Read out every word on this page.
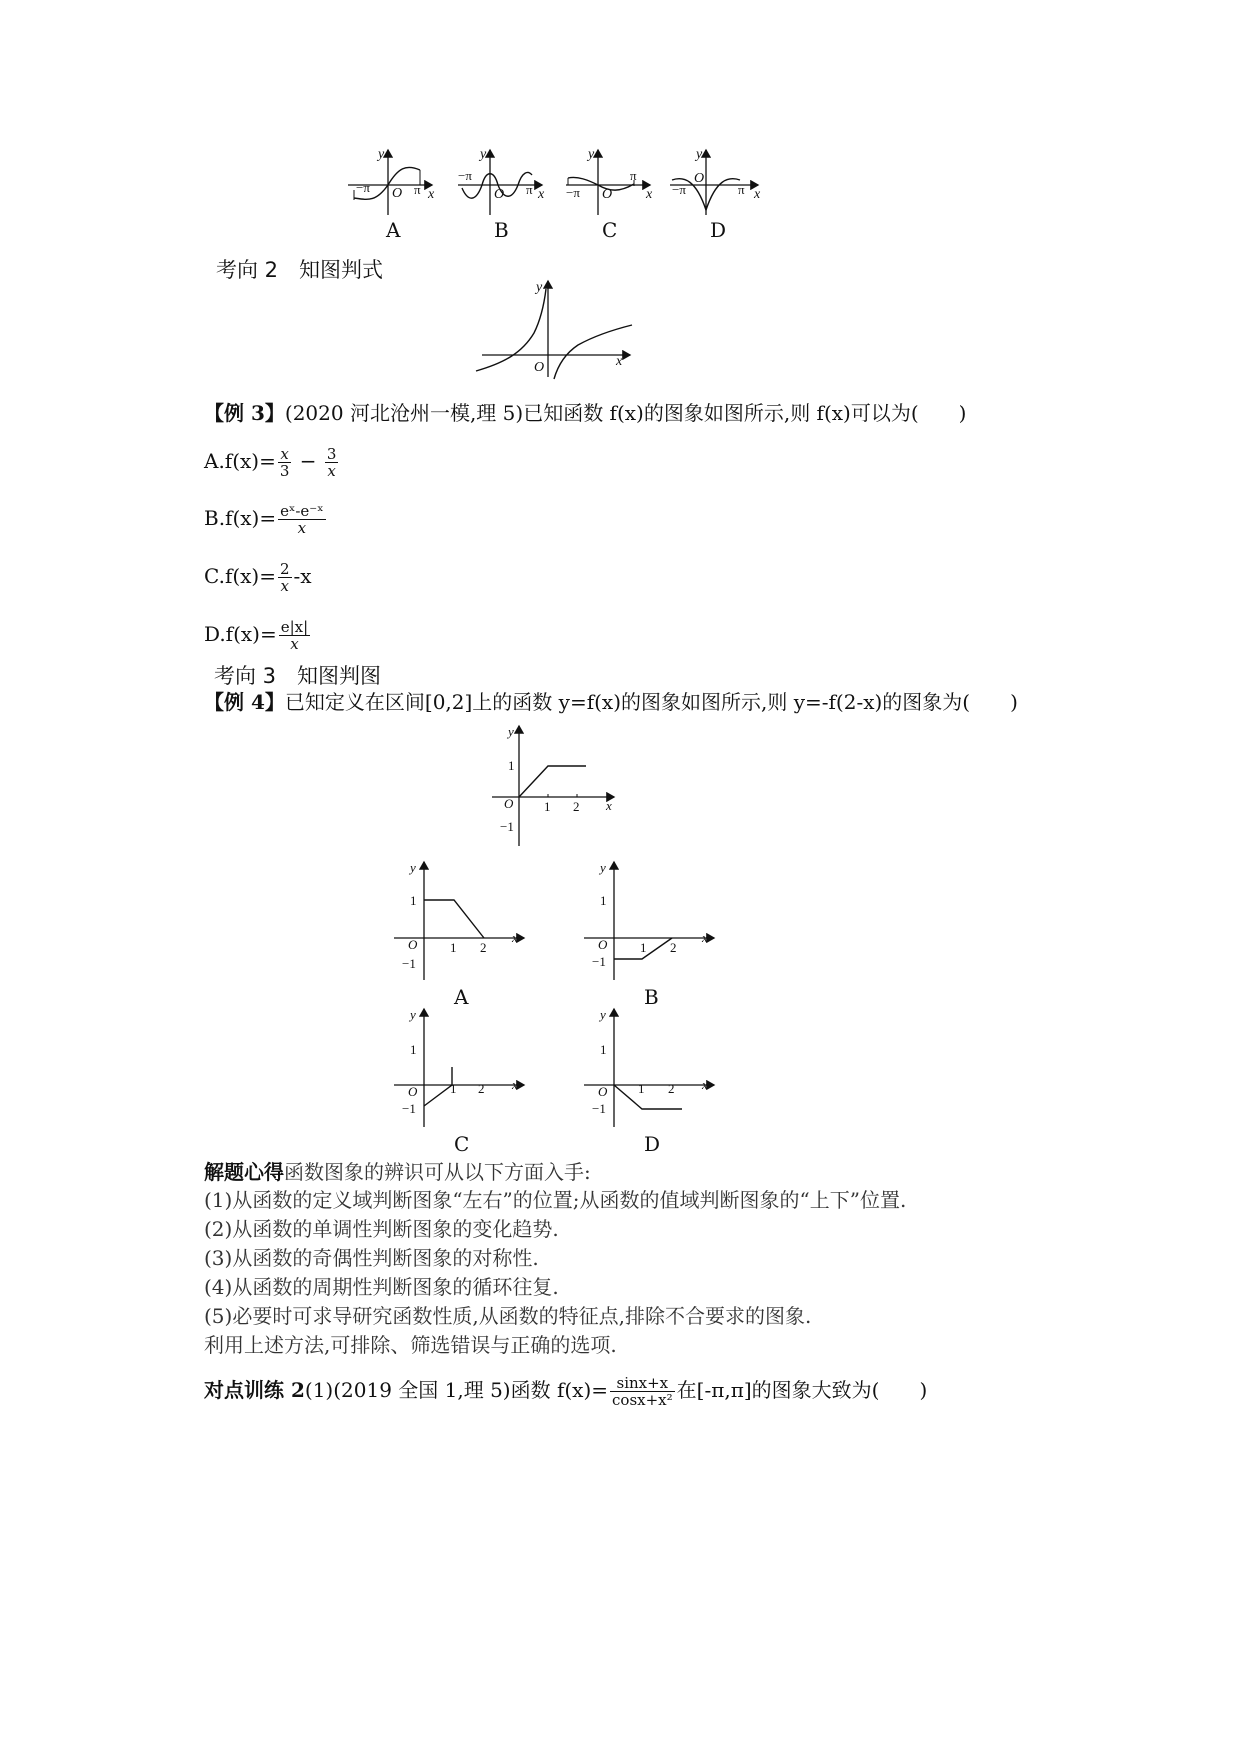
y
−π O π x
y
−π
O π x
y
−π O
π
x
y
−π
O
π x
A	B	C	D
考向 2　知图判式
y
O	x
【例 3】(2020 河北沧州一模,理 5)已知函数 f(x)的图象如图所示,则 f(x)可以为(　　)
$A.f(x)= \frac{x}{3} - \frac{3}{x}$
$B.f(x)= \frac{\text{eˣ-e⁻ˣ}}{x}$
$C.f(x)= \frac{2}{x} -x$
$D.f(x)= \frac{e|x|}{x}$
考向 3　知图判图
【例 4】已知定义在区间[0,2]上的函数 y=f(x)的图象如图所示,则 y=-f(2-x)的图象为(　　)
y
1
O 1 2 x
−1
y
1
O	1 2
x
−1
A
y
1
O	1 2
x
−1
B
y
1
O	1 2 x
−1
C
y
1
O 1 2 x
−1
D
解题心得函数图象的辨识可从以下方面入手:
(1)从函数的定义域判断图象“左右”的位置;从函数的值域判断图象的“上下”位置.
(2)从函数的单调性判断图象的变化趋势.
(3)从函数的奇偶性判断图象的对称性.
(4)从函数的周期性判断图象的循环往复.
(5)必要时可求导研究函数性质,从函数的特征点,排除不合要求的图象.
利用上述方法,可排除、筛选错误与正确的选项.
对点训练 2(1)(2019 全国 1,理 5)函数 $f(x)= \frac{\sin x+x}{\text{cosx+x²}}$ 在[-π,π]的图象大致为(　　)
